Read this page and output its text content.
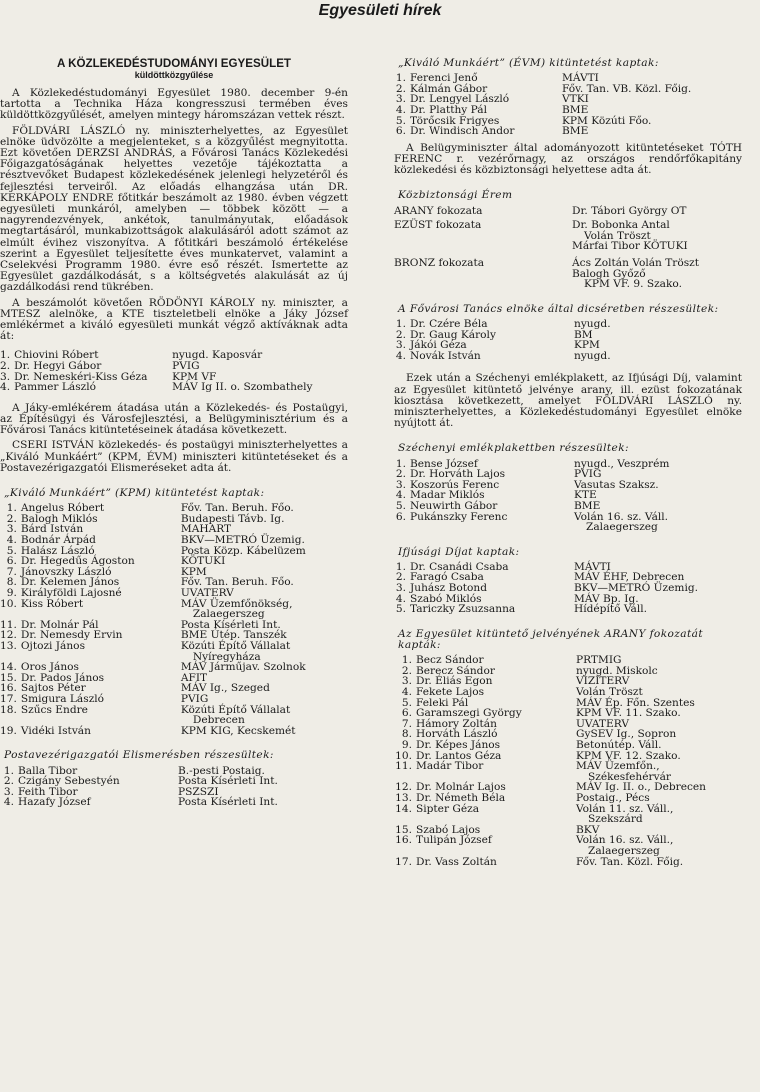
Egyesületi hírek
A KÖZLEKEDÉSTUDOMÁNYI EGYESÜLET
küldöttközgyűlése

A Közlekedéstudományi Egyesület 1980. december 9-én tartotta a Technika Háza kongresszusi termében éves küldöttközgyűlését, amelyen mintegy háromszázan vettek részt.

FÖLDVÁRI LÁSZLÓ ny. miniszterhelyettes, az Egyesület elnöke üdvözölte a megjelenteket, s a közgyűlést megnyitotta. Ezt követően DERZSI ANDRÁS, a Fővárosi Tanács Közlekedési Főigazgatóságának helyettes vezetője tájékoztatta a résztvevőket Budapest közlekedésének jelenlegi helyzetéről és fejlesztési terveiről. Az előadás elhangzása után DR. KERKÁPOLY ENDRE főtitkár beszámolt az 1980. évben végzett egyesületi munkáról, amelyben — többek között — a nagyrendezvények, ankétok, tanulmányutak, előadások megtartásáról, munkabizottságok alakulásáról adott számot az elmúlt évihez viszonyítva. A főtitkári beszámoló értékelése szerint a Egyesület teljesítette éves munkatervet, valamint a Cselekvési Programm 1980. évre eső részét. Ismertette az Egyesület gazdálkodását, s a költségvetés alakulását az új gazdálkodási rend tükrében.

A beszámolót követően RÖDÖNYI KÁROLY ny. miniszter, a MTESZ alelnöke, a KTE tiszteletbeli elnöke a Jáky József emlékérmet a kiváló egyesületi munkát végző aktíváknak adta át:

1.	Chiovini Róbert	nyugd. Kaposvár
2.	Dr. Hegyi Gábor	PVIG
3.	Dr. Nemeskéri-Kiss Géza	KPM VF
4.	Pammer László	MÁV Ig II. o. Szombathely

A Jáky-emlékérem átadása után a Közlekedés- és Postaügyi, az Építésügyi és Városfejlesztési, a Belügyminisztérium és a Fővárosi Tanács kitüntetéseinek átadása következett.

CSERI ISTVÁN közlekedés- és postaügyi miniszterhelyettes a „Kiváló Munkáért” (KPM, ÉVM) miniszteri kitüntetéseket és a Postavezérigazgatói Elismeréseket adta át.

„Kiváló Munkáért” (KPM) kitüntetést kaptak:
1.	Angelus Róbert	Főv. Tan. Beruh. Főo.
2.	Balogh Miklós	Budapesti Távb. Ig.
3.	Bárd István	MAHART
4.	Bodnár Árpád	BKV—METRÓ Üzemig.
5.	Halász László	Posta Közp. Kábelüzem
6.	Dr. Hegedűs Ágoston	KÖTUKI
7.	Jánovszky László	KPM
8.	Dr. Kelemen János	Főv. Tan. Beruh. Főo.
9.	Királyföldi Lajosné	UVATERV
10.	Kiss Róbert	MÁV Üzemfőnökség,
Zalaegerszeg

11.	Dr. Molnár Pál	Posta Kísérleti Int.
12.	Dr. Nemesdy Ervin	BME Útép. Tanszék
13.	Ojtozi János	Közúti Építő Vállalat
Nyíregyháza

14.	Oros János	MÁV Járműjav. Szolnok
15.	Dr. Pados János	AFIT
16.	Sajtos Péter	MÁV Ig., Szeged
17.	Smigura László	PVIG
18.	Szűcs Endre	Közúti Építő Vállalat
Debrecen

19.	Vidéki István	KPM KIG, Kecskemét
Postavezérigazgatói Elismerésben részesültek:
1.	Balla Tibor	B.-pesti Postaig.
2.	Czigány Sebestyén	Posta Kísérleti Int.
3.	Feith Tibor	PSZSZI
4.	Hazafy József	Posta Kísérleti Int.
„Kiváló Munkáért” (ÉVM) kitüntetést kaptak:
1.	Ferenci Jenő	MÁVTI
2.	Kálmán Gábor	Főv. Tan. VB. Közl. Főig.
3.	Dr. Lengyel László	VTKI
4.	Dr. Platthy Pál	BME
5.	Törőcsik Frigyes	KPM Közúti Főo.
6.	Dr. Windisch Andor	BME

A Belügyminiszter által adományozott kitüntetéseket TÓTH FERENC r. vezérőrnagy, az országos rendőrfőkapitány közlekedési és közbiztonsági helyettese adta át.

Közbiztonsági Érem
ARANY fokozata	Dr. Tábori György OT
EZÜST fokozata	Dr. Bobonka Antal
Volán Tröszt
Márfai Tibor KÖTUKI

BRONZ fokozata	Ács Zoltán Volán Tröszt
Balogh Győző
KPM VF. 9. Szako.
A Fővárosi Tanács elnöke által dicséretben részesültek:
1.	Dr. Czére Béla	nyugd.
2.	Dr. Gaug Károly	BM
3.	Jákói Géza	KPM
4.	Novák István	nyugd.

Ezek után a Széchenyi emlékplakett, az Ifjúsági Díj, valamint az Egyesület kitüntető jelvénye arany, ill. ezüst fokozatának kiosztása következett, amelyet FÖLDVÁRI LÁSZLÓ ny. miniszterhelyettes, a Közlekedéstudományi Egyesület elnöke nyújtott át.

Széchenyi emlékplakettben részesültek:
1.	Bense József	nyugd., Veszprém
2.	Dr. Horváth Lajos	PVIG
3.	Koszorús Ferenc	Vasutas Szaksz.
4.	Madar Miklós	KTE
5.	Neuwirth Gábor	BME
6.	Pukánszky Ferenc	Volán 16. sz. Váll.
Zalaegerszeg
Ifjúsági Díjat kaptak:
1.	Dr. Csanádi Csaba	MÁVTI
2.	Faragó Csaba	MÁV ÉHF, Debrecen
3.	Juhász Botond	BKV—METRÓ Üzemig.
4.	Szabó Miklós	MÁV Bp. Ig.
5.	Tariczky Zsuzsanna	Hídépítő Váll.
Az Egyesület kitüntető jelvényének ARANY fokozatát kapták:
1.	Becz Sándor	PRTMIG
2.	Berecz Sándor	nyugd. Miskolc
3.	Dr. Éliás Egon	VIZITERV
4.	Fekete Lajos	Volán Tröszt
5.	Feleki Pál	MÁV Ép. Főn. Szentes
6.	Garamszegi György	KPM VF. 11. Szako.
7.	Hámory Zoltán	UVATERV
8.	Horváth László	GySEV Ig., Sopron
9.	Dr. Képes János	Betonútép. Váll.
10.	Dr. Lantos Géza	KPM VF. 12. Szako.
11.	Madár Tibor	MÁV Üzemfőn.,
Székesfehérvár

12.	Dr. Molnár Lajos	MÁV Ig. II. o., Debrecen
13.	Dr. Németh Béla	Postaig., Pécs
14.	Sipter Géza	Volán 11. sz. Váll.,
Szekszárd

15.	Szabó Lajos	BKV
16.	Tulipán József	Volán 16. sz. Váll.,
Zalaegerszeg

17.	Dr. Vass Zoltán	Főv. Tan. Közl. Főig.
